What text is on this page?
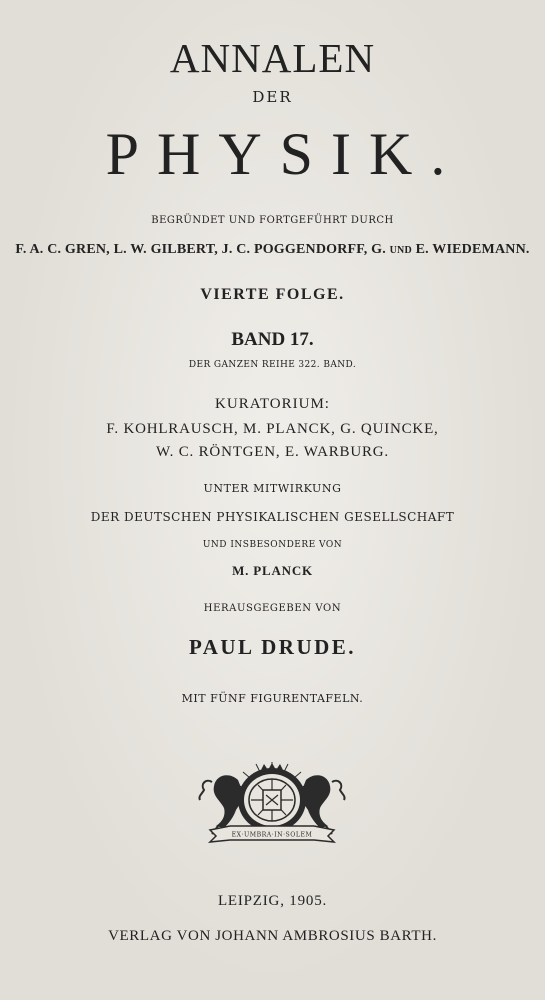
ANNALEN
DER
PHYSIK.
BEGRÜNDET UND FORTGEFÜHRT DURCH
F. A. C. GREN, L. W. GILBERT, J. C. POGGENDORFF, G. UND E. WIEDEMANN.
VIERTE FOLGE.
BAND 17.
DER GANZEN REIHE 322. BAND.
KURATORIUM:
F. KOHLRAUSCH, M. PLANCK, G. QUINCKE,
W. C. RÖNTGEN, E. WARBURG.
UNTER MITWIRKUNG
DER DEUTSCHEN PHYSIKALISCHEN GESELLSCHAFT
UND INSBESONDERE VON
M. PLANCK
HERAUSGEGEBEN VON
PAUL DRUDE.
MIT FÜNF FIGURENTAFELN.
EX·UMBRA·IN·SOLEM
LEIPZIG, 1905.
VERLAG VON JOHANN AMBROSIUS BARTH.
